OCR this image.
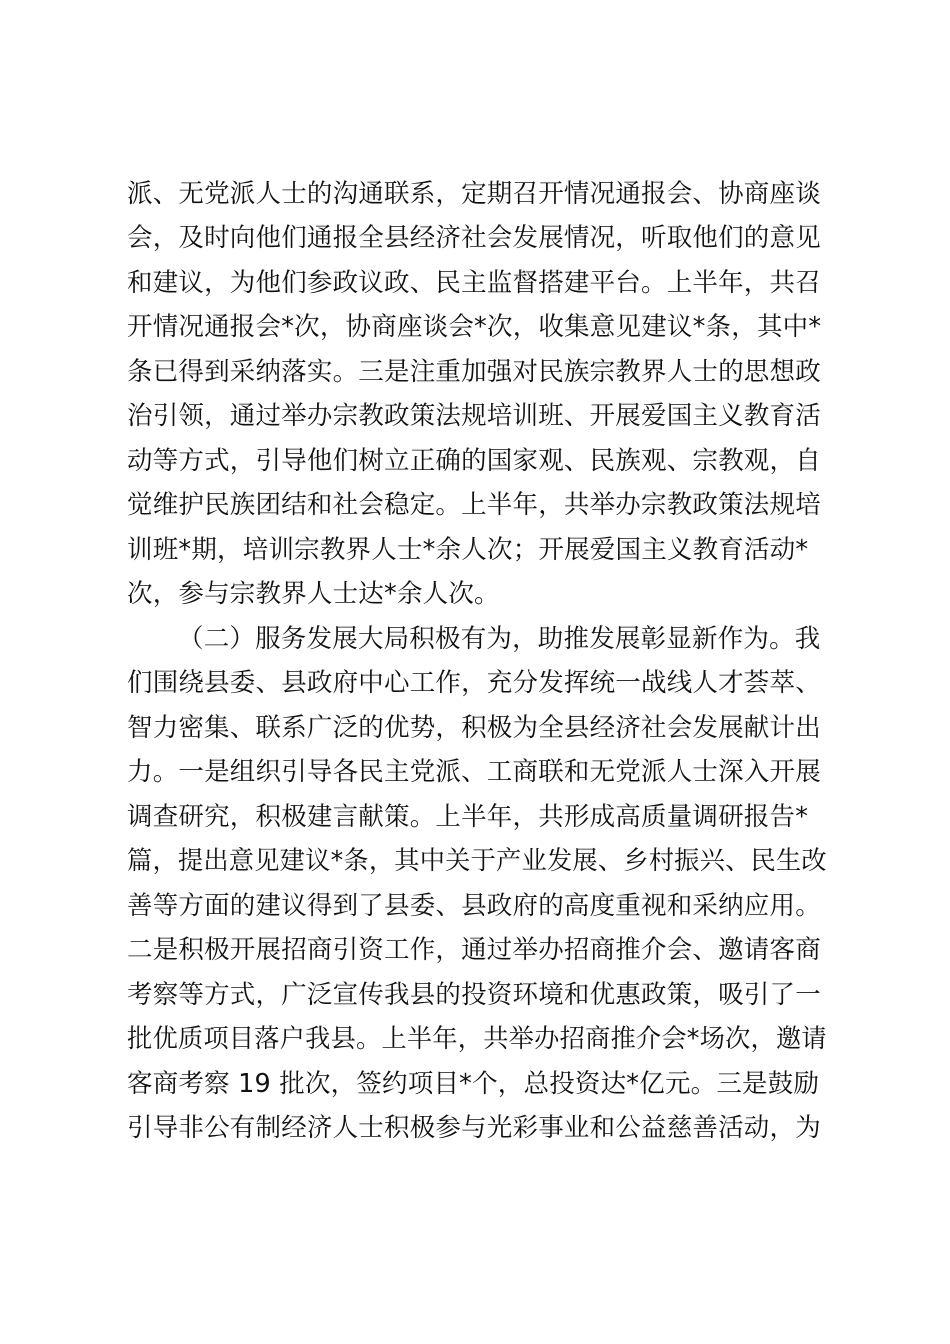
派、无党派人士的沟通联系，定期召开情况通报会、协商座谈
会，及时向他们通报全县经济社会发展情况，听取他们的意见
和建议，为他们参政议政、民主监督搭建平台。上半年，共召
开情况通报会*次，协商座谈会*次，收集意见建议*条，其中*
条已得到采纳落实。三是注重加强对民族宗教界人士的思想政
治引领，通过举办宗教政策法规培训班、开展爱国主义教育活
动等方式，引导他们树立正确的国家观、民族观、宗教观，自
觉维护民族团结和社会稳定。上半年，共举办宗教政策法规培
训班*期，培训宗教界人士*余人次；开展爱国主义教育活动*
次，参与宗教界人士达*余人次。
（二）服务发展大局积极有为，助推发展彰显新作为。我
们围绕县委、县政府中心工作，充分发挥统一战线人才荟萃、
智力密集、联系广泛的优势，积极为全县经济社会发展献计出
力。一是组织引导各民主党派、工商联和无党派人士深入开展
调查研究，积极建言献策。上半年，共形成高质量调研报告*
篇，提出意见建议*条，其中关于产业发展、乡村振兴、民生改
善等方面的建议得到了县委、县政府的高度重视和采纳应用。
二是积极开展招商引资工作，通过举办招商推介会、邀请客商
考察等方式，广泛宣传我县的投资环境和优惠政策，吸引了一
批优质项目落户我县。上半年，共举办招商推介会*场次，邀请
客商考察 19 批次，签约项目*个，总投资达*亿元。三是鼓励
引导非公有制经济人士积极参与光彩事业和公益慈善活动，为
